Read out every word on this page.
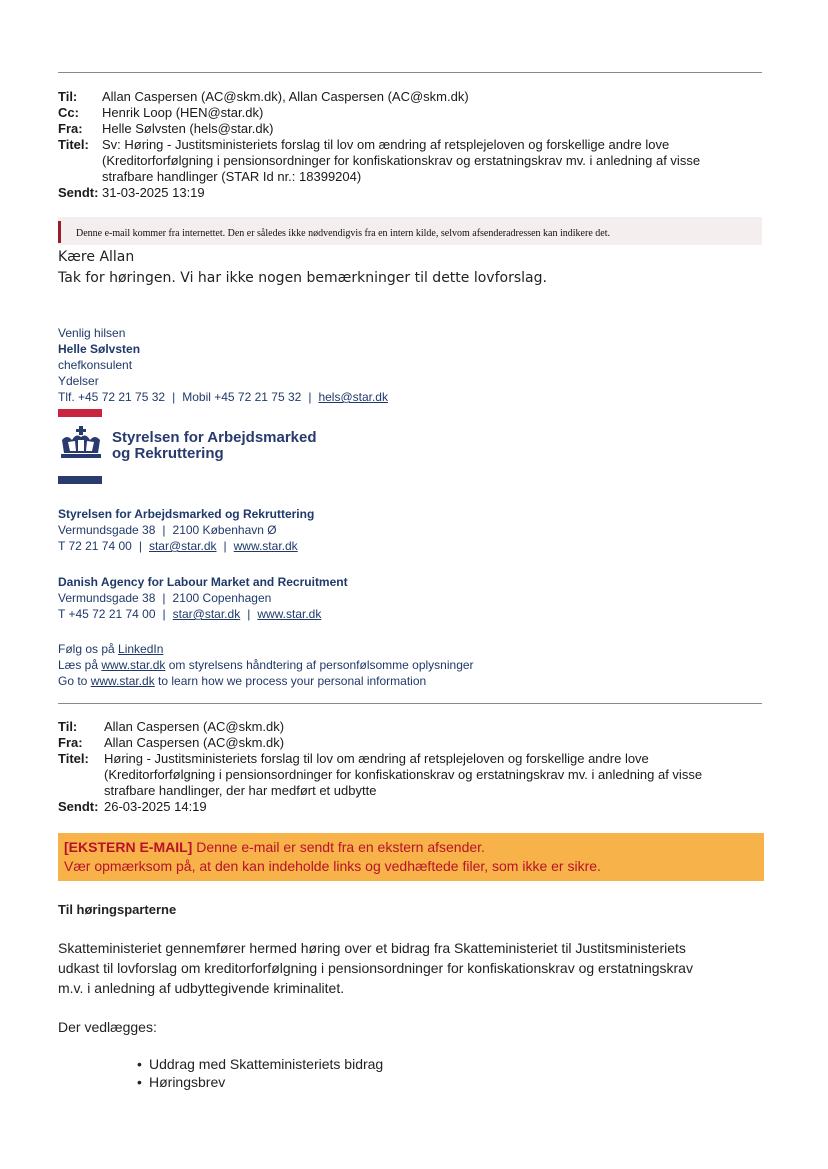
Til:	Allan Caspersen (AC@skm.dk), Allan Caspersen (AC@skm.dk)
Cc:	Henrik Loop (HEN@star.dk)
Fra:	Helle Sølvsten (hels@star.dk)
Titel:	Sv: Høring - Justitsministeriets forslag til lov om ændring af retsplejeloven og forskellige andre love
(Kreditorforfølgning i pensionsordninger for konfiskationskrav og erstatningskrav mv. i anledning af visse
strafbare handlinger (STAR Id nr.: 18399204)
Sendt: 31-03-2025 13:19
Denne e-mail kommer fra internettet. Den er således ikke nødvendigvis fra en intern kilde, selvom afsenderadressen kan indikere det.
Kære Allan
Tak for høringen. Vi har ikke nogen bemærkninger til dette lovforslag.
Venlig hilsen
Helle Sølvsten
chefkonsulent
Ydelser
Tlf. +45 72 21 75 32 | Mobil +45 72 21 75 32 | hels@star.dk
Styrelsen for Arbejdsmarked
og Rekruttering
Styrelsen for Arbejdsmarked og Rekruttering
Vermundsgade 38 | 2100 København Ø
T 72 21 74 00 | star@star.dk | www.star.dk
Danish Agency for Labour Market and Recruitment
Vermundsgade 38 | 2100 Copenhagen
T +45 72 21 74 00 | star@star.dk | www.star.dk
Følg os på LinkedIn
Læs på www.star.dk om styrelsens håndtering af personfølsomme oplysninger
Go to www.star.dk to learn how we process your personal information
Til:	Allan Caspersen (AC@skm.dk)
Fra:	Allan Caspersen (AC@skm.dk)
Titel:	Høring - Justitsministeriets forslag til lov om ændring af retsplejeloven og forskellige andre love
(Kreditorforfølgning i pensionsordninger for konfiskationskrav og erstatningskrav mv. i anledning af visse
strafbare handlinger, der har medført et udbytte
Sendt: 26-03-2025 14:19
[EKSTERN E-MAIL] Denne e-mail er sendt fra en ekstern afsender.
Vær opmærksom på, at den kan indeholde links og vedhæftede filer, som ikke er sikre.
Til høringsparterne
Skatteministeriet gennemfører hermed høring over et bidrag fra Skatteministeriet til Justitsministeriets
udkast til lovforslag om kreditorforfølgning i pensionsordninger for konfiskationskrav og erstatningskrav
m.v. i anledning af udbyttegivende kriminalitet.
Der vedlægges:
• Uddrag med Skatteministeriets bidrag
• Høringsbrev
